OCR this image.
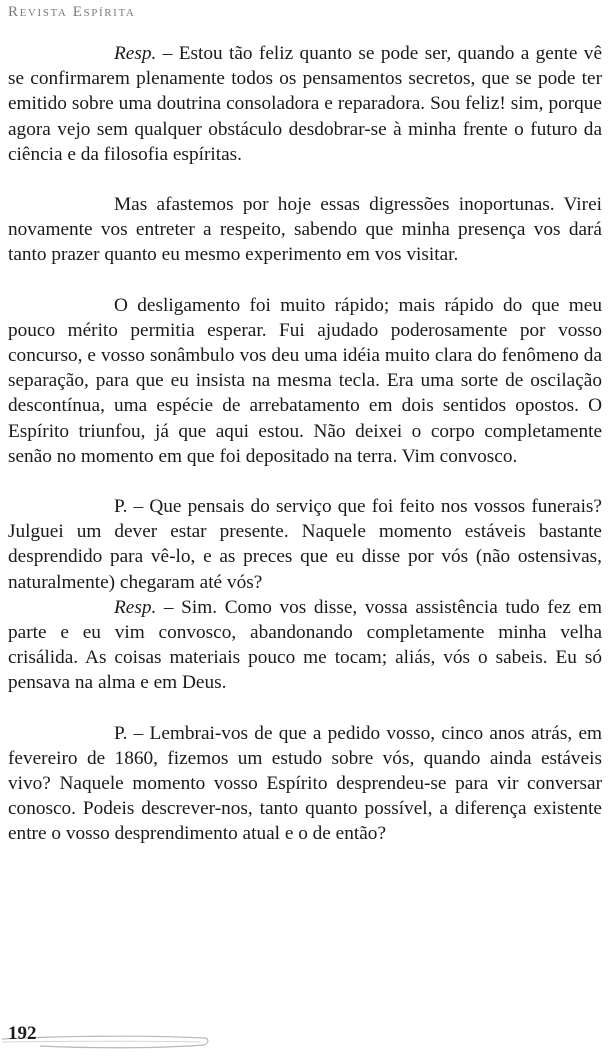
Revista Espírita

Resp. – Estou tão feliz quanto se pode ser, quando a gente vê se confirmarem plenamente todos os pensamentos secretos, que se pode ter emitido sobre uma doutrina consoladora e reparadora. Sou feliz! sim, porque agora vejo sem qualquer obstáculo desdobrar-se à minha frente o futuro da ciência e da filosofia espíritas.

Mas afastemos por hoje essas digressões inoportunas. Virei novamente vos entreter a respeito, sabendo que minha presença vos dará tanto prazer quanto eu mesmo experimento em vos visitar.

O desligamento foi muito rápido; mais rápido do que meu pouco mérito permitia esperar. Fui ajudado poderosamente por vosso concurso, e vosso sonâmbulo vos deu uma idéia muito clara do fenômeno da separação, para que eu insista na mesma tecla. Era uma sorte de oscilação descontínua, uma espécie de arrebatamento em dois sentidos opostos. O Espírito triunfou, já que aqui estou. Não deixei o corpo completamente senão no momento em que foi depositado na terra. Vim convosco.

P. – Que pensais do serviço que foi feito nos vossos funerais? Julguei um dever estar presente. Naquele momento estáveis bastante desprendido para vê-lo, e as preces que eu disse por vós (não ostensivas, naturalmente) chegaram até vós?

Resp. – Sim. Como vos disse, vossa assistência tudo fez em parte e eu vim convosco, abandonando completamente minha velha crisálida. As coisas materiais pouco me tocam; aliás, vós o sabeis. Eu só pensava na alma e em Deus.

P. – Lembrai-vos de que a pedido vosso, cinco anos atrás, em fevereiro de 1860, fizemos um estudo sobre vós, quando ainda estáveis vivo? Naquele momento vosso Espírito desprendeu-se para vir conversar conosco. Podeis descrever-nos, tanto quanto possível, a diferença existente entre o vosso desprendimento atual e o de então?

192
